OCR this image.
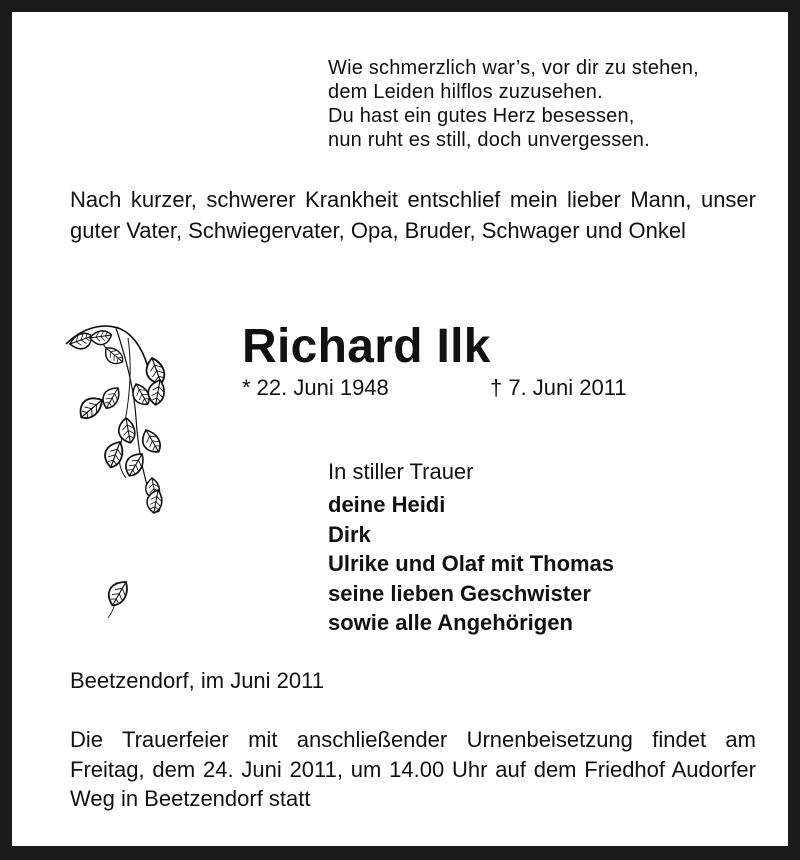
Wie schmerzlich war’s, vor dir zu stehen,
dem Leiden hilflos zuzusehen.
Du hast ein gutes Herz besessen,
nun ruht es still, doch unvergessen.
Nach kurzer, schwerer Krankheit entschlief mein lieber Mann, unser guter Vater, Schwiegervater, Opa, Bruder, Schwager und Onkel
Richard Ilk
* 22. Juni 1948	† 7. Juni 2011
In stiller Trauer
deine Heidi
Dirk
Ulrike und Olaf mit Thomas
seine lieben Geschwister
sowie alle Angehörigen
Beetzendorf, im Juni 2011
Die Trauerfeier mit anschließender Urnenbeisetzung findet am Freitag, dem 24. Juni 2011, um 14.00 Uhr auf dem Friedhof Audorfer Weg in Beetzendorf statt
